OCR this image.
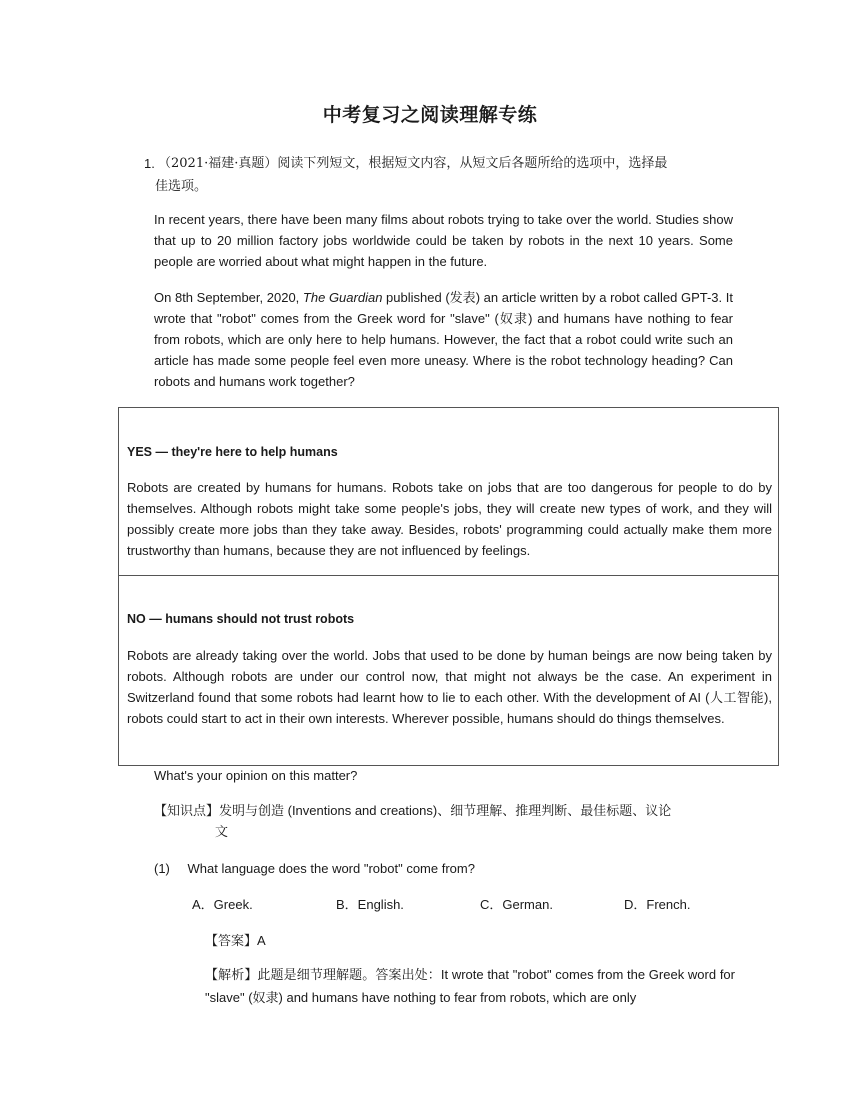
中考复习之阅读理解专练
1. （2021·福建·真题）阅读下列短文，根据短文内容，从短文后各题所给的选项中，选择最
佳选项。
In recent years, there have been many films about robots trying to take over the world. Studies show that up to 20 million factory jobs worldwide could be taken by robots in the next 10 years. Some people are worried about what might happen in the future.
On 8th September, 2020, The Guardian published (发表) an article written by a robot called GPT-3. It wrote that "robot" comes from the Greek word for "slave" (奴隶) and humans have nothing to fear from robots, which are only here to help humans. However, the fact that a robot could write such an article has made some people feel even more uneasy. Where is the robot technology heading? Can robots and humans work together?
YES — they're here to help humans
Robots are created by humans for humans. Robots take on jobs that are too dangerous for people to do by themselves. Although robots might take some people's jobs, they will create new types of work, and they will possibly create more jobs than they take away. Besides, robots' programming could actually make them more trustworthy than humans, because they are not influenced by feelings.
NO — humans should not trust robots
Robots are already taking over the world. Jobs that used to be done by human beings are now being taken by robots. Although robots are under our control now, that might not always be the case. An experiment in Switzerland found that some robots had learnt how to lie to each other. With the development of AI (人工智能), robots could start to act in their own interests. Wherever possible, humans should do things themselves.
What's your opinion on this matter?
【知识点】发明与创造 (Inventions and creations)、细节理解、推理判断、最佳标题、议论
文
(1) What language does the word "robot" come from?
A．Greek.	B．English.	C．German.	D．French.
【答案】A
【解析】此题是细节理解题。答案出处：It wrote that "robot" comes from the Greek word for "slave" (奴隶) and humans have nothing to fear from robots, which are only
